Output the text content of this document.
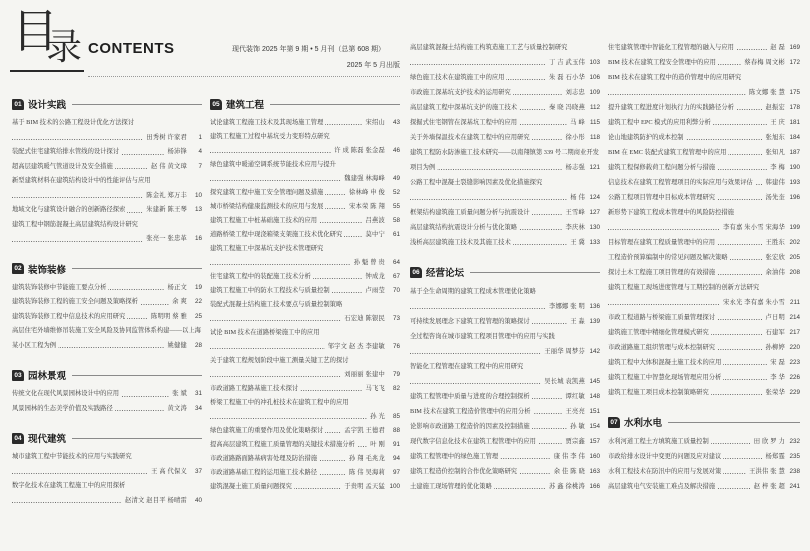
目
录 CONTENTS	现代装饰 2025 年第 9 期 • 5 月刊（总第 608 期）
2025 年 5 月出版
01 设计实践
基于 BIM 技术的公路工程设计优化方法探讨
田秀树 许家君 1
装配式住宅建筑给排水管线的设计探讨	杨沛锋 4
超高层建筑暖气管道设计及安全措施	赵 伟 黄文璋 7
新型建筑材料在建筑结构设计中的性能评估与应用
陈金礼 郑万丰 10
地域文化与建筑设计融合的创新路径探索	朱建新 陈王琴 13
建筑工程中钢筋混凝土高层建筑结构设计研究
张亮一 张忠革 16
02 装饰装修
建筑装饰装修中节能施工要点分析	杨正文 19
建筑装饰装修工程的施工安全问题及策略探析	余 爽 22
建筑装饰装修工程中信息技术的应用研究	陈明明 蔡 雅 25
高层住宅外墙维修吊装施工安全风险及协同监管体系构建——以上海某小区工程为例	姚健健 28
03 园林景观
传统文化在现代风景园林设计中的应用	张 斌 31
风景园林的生态美学价值及实践路径	黄文涛 34
04 现代建筑
城市建筑工程中节能技术的应用与实践研究
王 高 代保义 37
数字化技术在建筑工程施工中的应用探析
赵清文 赵目平 杨晴雷 40
05 建筑工程
试论建筑工程施工技术及其现场施工管理	宋绍山 43
建筑工程施工过程中基坑受力变形特点研究
许 成 陈磊 张金磊 46
绿色建筑中暖通空调系统节能技术应用与提升
魏建强 林海峰 49
探究建筑工程中施工安全管理问题及措施	徐林峰 申 俊 52
城市桥梁结构健康监测技术的应用与发展	宋本荣 陈 翔 55
建筑工程施工中桩基础施工技术的应用	吕燕波 58
道路桥梁工程中现浇箱梁支架施工技术优化研究	莫中宁 61
建筑工程施工中深基坑支护技术管理研究
孙 魁 曾 贵 64
住宅建筑工程中的装配施工技术分析	钟成龙 67
建筑工程施工中的防水工程技术与质量控制	卢雨莹 70
装配式混凝土结构施工技术要点与质量控制策略
石宏迪 陈银民 73
试论 BIM 技术在道路桥梁施工中的应用
邹宇文 赵 杰 李建敏 76
关于建筑工程规划阶段中施工测量关键工艺的探讨
刘丽丽 张建中 79
市政道路工程路基施工技术探讨	马飞飞 82
桥梁工程施工中的冲孔桩技术在建筑工程中的应用
孙 光 85
绿色建筑施工的重要作用及优化策略探讨	孟宇凯 王德君 88
提高高层建筑工程施工质量管理的关键技术措施分析	叶 刚 91
市政道路路面路基病害处理及防治措施	孙 翔 毛兆龙 94
市政道路基础工程的运用施工技术路径	陈 伟 吴海莉 97
建筑混凝土施工质量问题探究	于贵明 孟天猛 100
高层建筑混凝土结构施工构筑造施工工艺与质量控制研究
丁 吉 武玉伟 103
绿色施工技术在建筑施工中的应用	朱 磊 石小华 106
市政施工深基坑支护技术的运用研究	刘志忠 109
高层建筑工程中深基坑支护的施工技术	秦 晓 冯晓燕 112
探掘式住宅钢管在深基坑工程中的应用	马 峰 115
关于外墙保温技术在建筑工程中的应用研究	徐小彤 118
建筑工程防水防渗施工技术研究——以南翔镇第 339 号二期商业开发项目为例	杨志强 121
公路工程中混凝土裂缝影响因素及优化措施探究
杨 伟 124
框架结构建筑施工质量问题分析与抗震设计	王雪峰 127
高层建筑结构抗震设计分析与优化策略	李庆林 130
浅析高层建筑施工技术及其施工技术	王 冀 133
06 经营论坛
基于全生命周期的建筑工程成本管理优化策略
李娜娜 张 明 136
可持续发展理念下建筑工程管理的策略探讨	王 淼 139
全过程咨询在城市建筑工程项目管理中的应用与实践
王丽华 周梦芬 142
智能化工程管理在建筑工程中的应用研究
吴长城 袁凯燕 145
建筑工程管理中质量与进度的合理控制探析	谭红敏 148
BIM 技术在建筑工程造价管理中的应用分析	王亮亮 151
论影响市政道路工程造价的因素及控制措施	孙 敏 154
现代数字信息化技术在建筑工程管理中的应用	贾宗鑫 157
建筑工程管理中的绿色施工管理	康 伟 李 伟 160
建筑工程造价控制的合作优化策略研究	余 佳 陈 晓 163
土建施工现场管理的优化策略	苏 鑫 徐桃涛 166
住宅建筑管理中智能化工程管理的融入与应用	赵 磊 169
BIM 技术在建筑工程安全管理中的应用	蔡春梅 周文彬 172
BIM 技术在建筑工程中的造价管理中的应用研究
陈文娜 张 慧 175
提升建筑工程进度计划执行力的实践路径分析	赵振宏 178
建筑工程中 EPC 模式的应用利弊分析	王 庆 181
论山地建筑防护的成本控制	张旭东 184
BIM 在 EMC 装配式建筑工程管理中的应用	张知凡 187
建筑工程保修载荷工程问题分析与措施	李 梅 190
信息技术在建筑工程管理项目的实际应用与效果评估	韩建伟 193
公路工程项目管理中目标成本管理研究	汤先奎 196
新形势下建筑工程成本管理中的风险防控措施
李有嘉 朱小雪 宋海华 199
目标管理在建筑工程质量管理中的应用	王胜东 202
工程造价预算编制中的常见问题及解决策略	张宏欣 205
探讨土木工程施工项目管理的有效措施	余油伟 208
建筑工程施工现场进度管理与工期控制的创新方法研究
宋永光 李有嘉 朱小雪 211
市政工程道路与桥梁施工质量管理探讨	卢日明 214
建筑施工管理中精细化管理模式研究	石建军 217
市政道路施工组织管理与成本控制研究	孙柳婷 220
建筑工程中大体积混凝土施工技术的应用	宋 磊 223
建筑工程施工中智慧化现场管理应用分析	李 华 226
建筑工程施工项目成本控制策略研究	张荣华 229
07 水利水电
水利河道工程土方填筑施工质量控制	田 欣 罗 力 232
市政给排水设计中变更的问题及应对建议	杨郑霆 235
水利工程技术在防汛中的应用与发展对策	王洪伟 张 慧 238
高层建筑电气安装施工难点及解决措施	赵 梓 张 超 241
